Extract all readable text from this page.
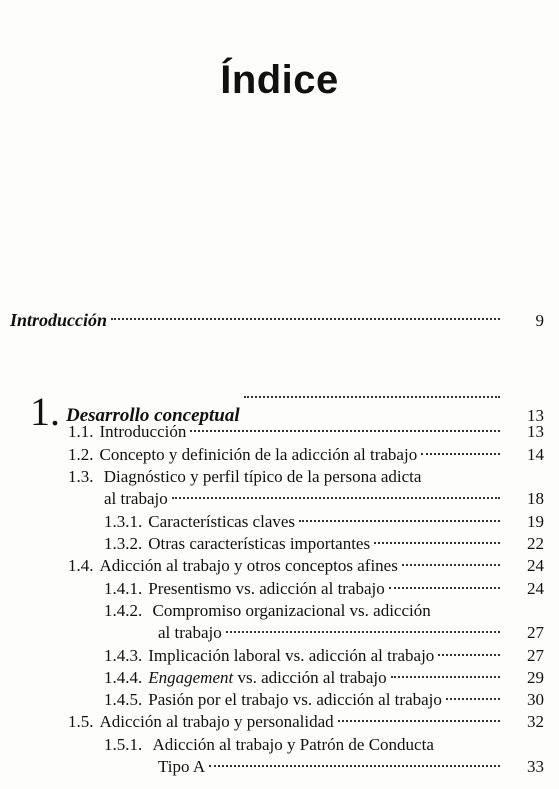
Índice
Introducción	9
1. Desarrollo conceptual	13
1.1. Introducción	13
1.2. Concepto y definición de la adicción al trabajo	14
1.3. Diagnóstico y perfil típico de la persona adicta
al trabajo	18
1.3.1. Características claves	19
1.3.2. Otras características importantes	22
1.4. Adicción al trabajo y otros conceptos afines	24
1.4.1. Presentismo vs. adicción al trabajo	24
1.4.2. Compromiso organizacional vs. adicción
al trabajo	27
1.4.3. Implicación laboral vs. adicción al trabajo	27
1.4.4. Engagement vs. adicción al trabajo	29
1.4.5. Pasión por el trabajo vs. adicción al trabajo	30
1.5. Adicción al trabajo y personalidad	32
1.5.1. Adicción al trabajo y Patrón de Conducta
Tipo A	33
